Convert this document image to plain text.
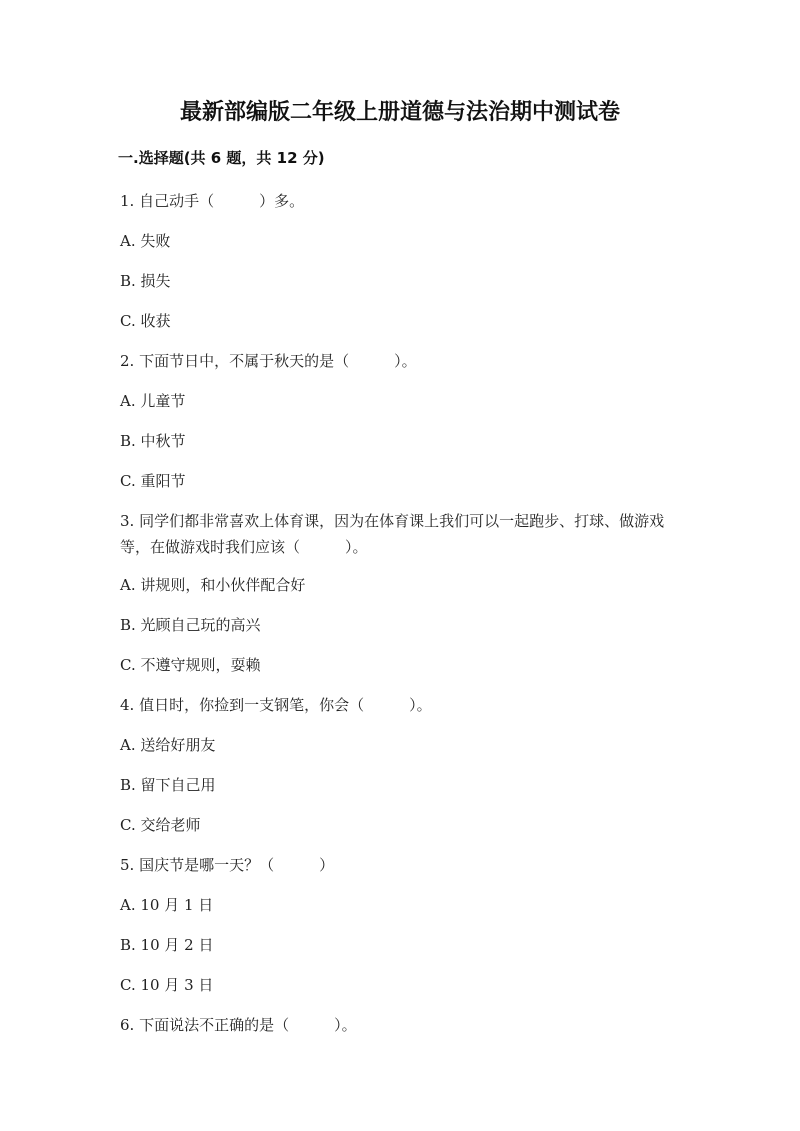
最新部编版二年级上册道德与法治期中测试卷
一.选择题(共 6 题，共 12 分)
1. 自己动手（　　　）多。
A. 失败
B. 损失
C. 收获
2. 下面节日中，不属于秋天的是（　　　）。
A. 儿童节
B. 中秋节
C. 重阳节
3. 同学们都非常喜欢上体育课，因为在体育课上我们可以一起跑步、打球、做游戏等，在做游戏时我们应该（　　　）。
A. 讲规则，和小伙伴配合好
B. 光顾自己玩的高兴
C. 不遵守规则，耍赖
4. 值日时，你捡到一支钢笔，你会（　　　）。
A. 送给好朋友
B. 留下自己用
C. 交给老师
5. 国庆节是哪一天？（　　　）
A. 10 月 1 日
B. 10 月 2 日
C. 10 月 3 日
6. 下面说法不正确的是（　　　）。
